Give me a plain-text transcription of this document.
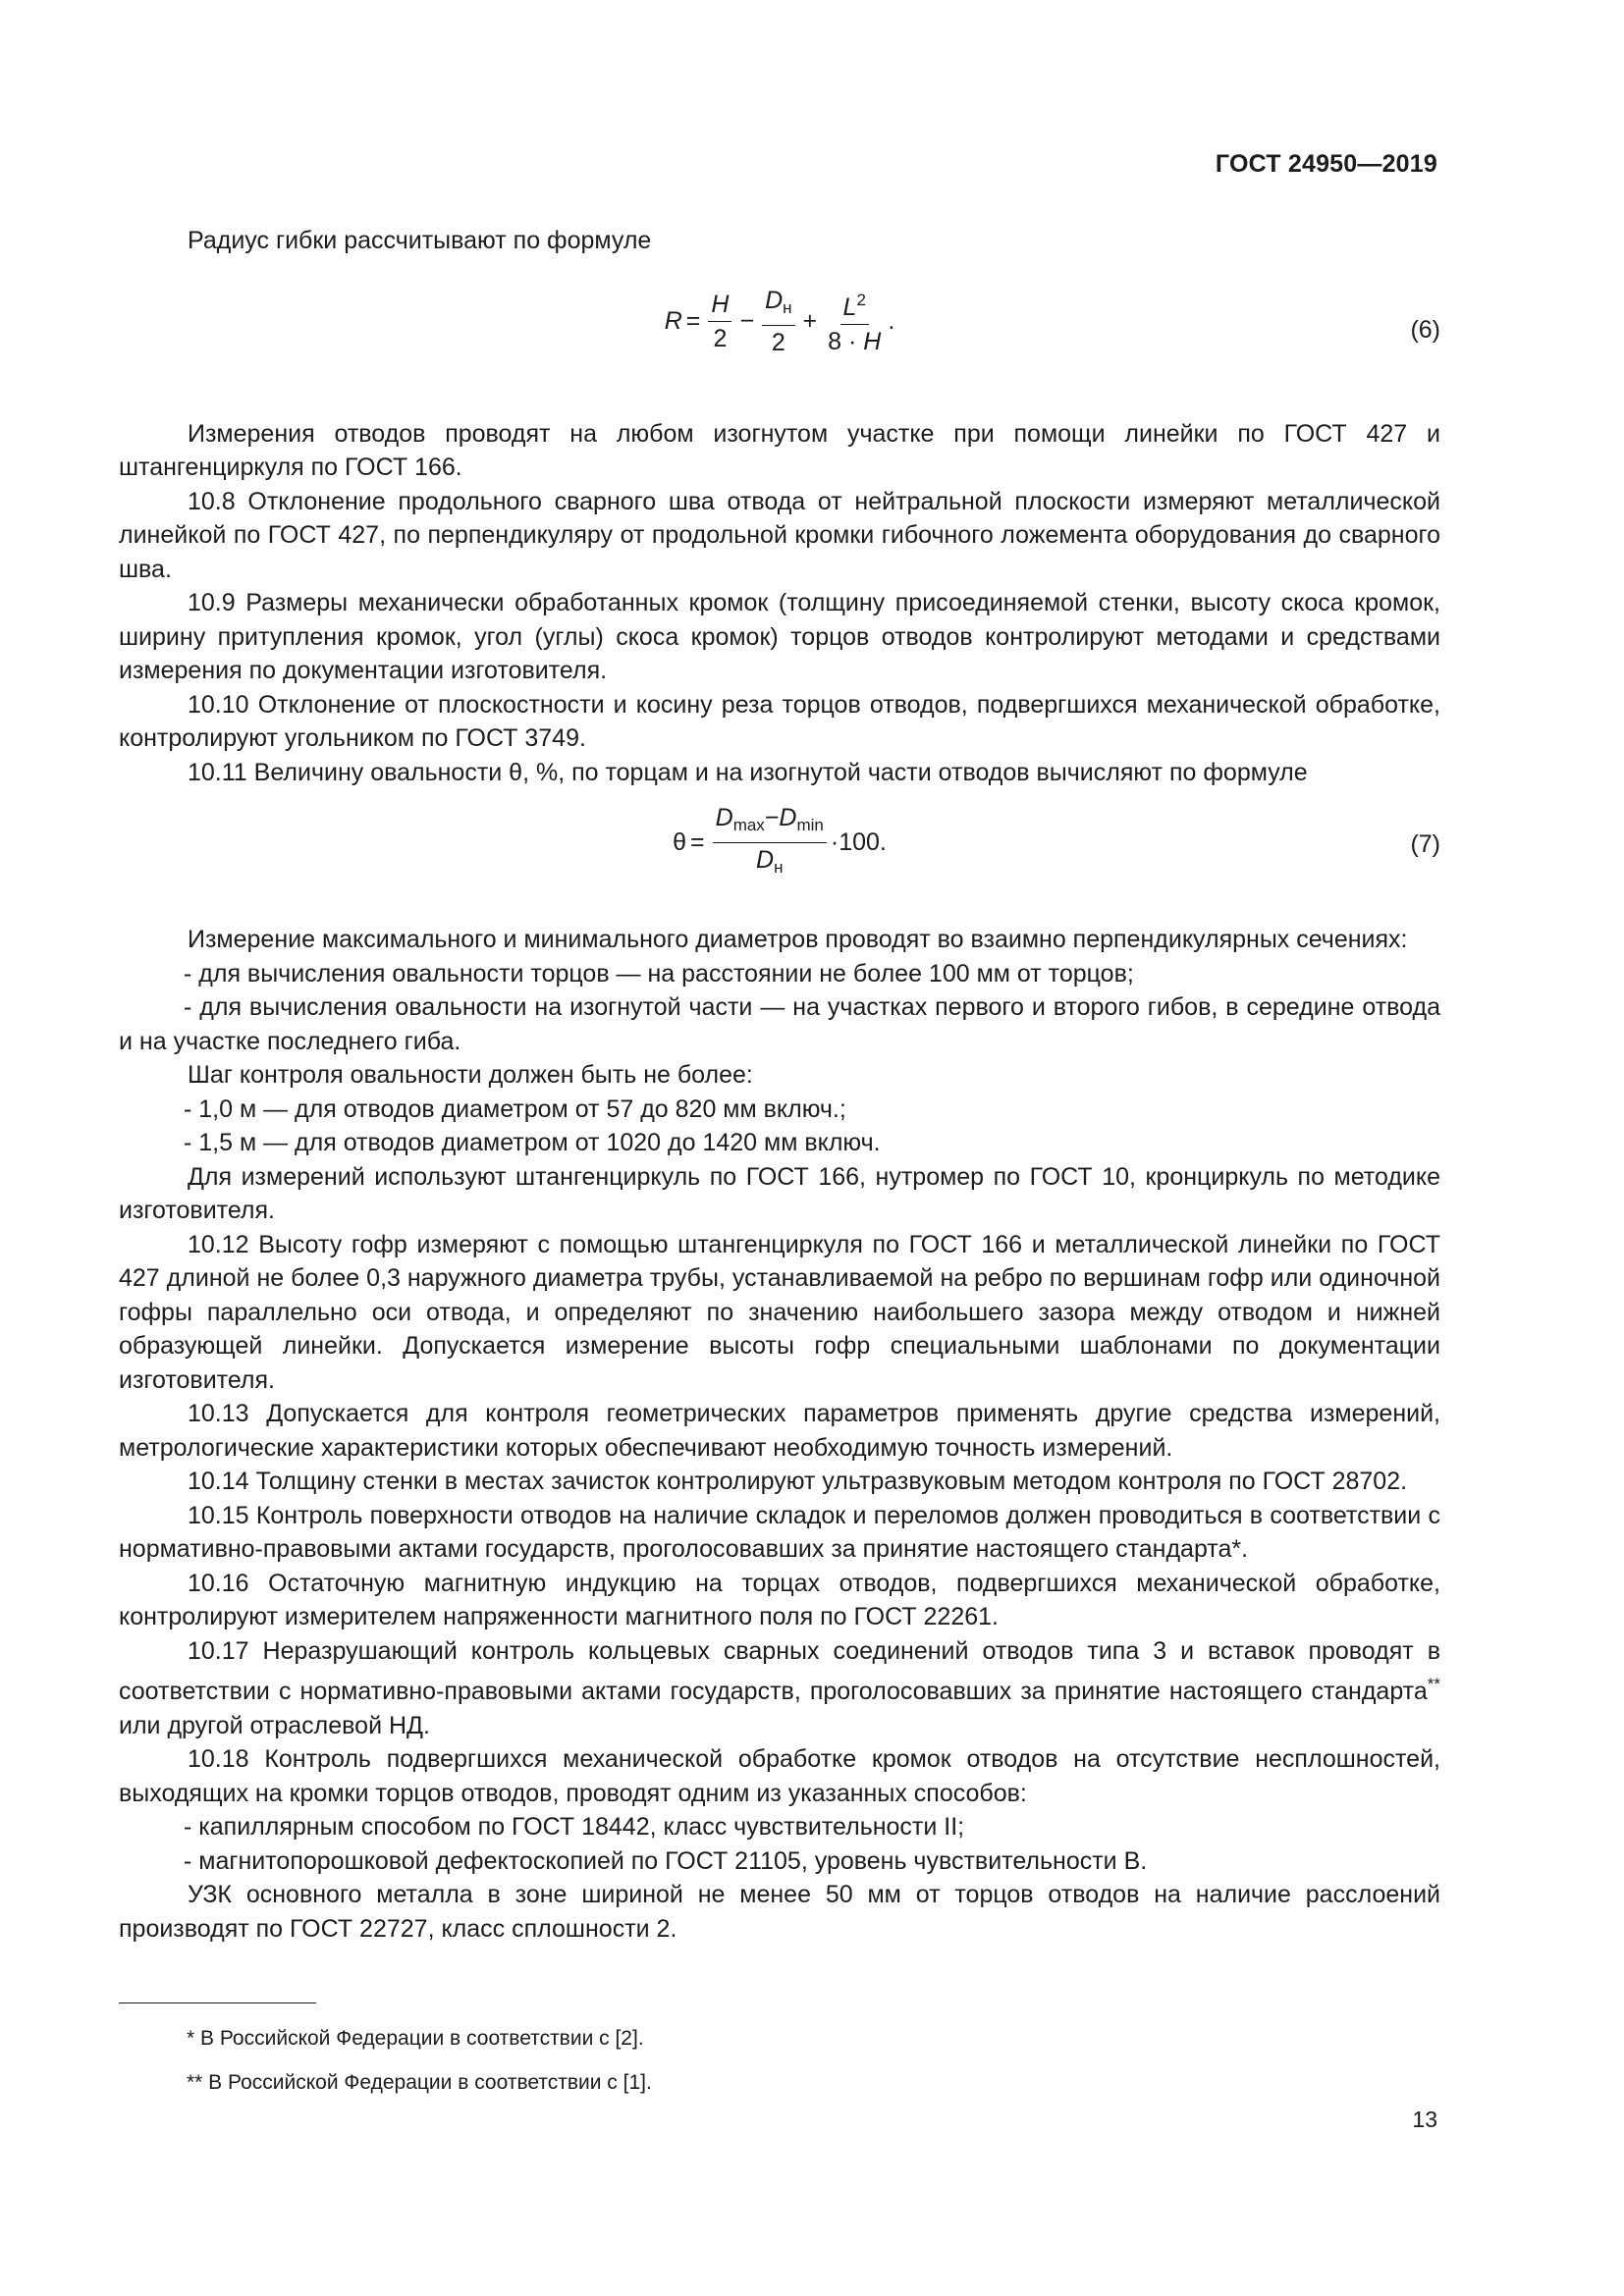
ГОСТ 24950—2019

Радиус гибки рассчитывают по формуле

$R = \frac{H}{2} - \frac{D_н}{2} + \frac{L^2}{8 \cdot H}$ .	(6)

Измерения отводов проводят на любом изогнутом участке при помощи линейки по ГОСТ 427 и штангенциркуля по ГОСТ 166.

10.8 Отклонение продольного сварного шва отвода от нейтральной плоскости измеряют металлической линейкой по ГОСТ 427, по перпендикуляру от продольной кромки гибочного ложемента оборудования до сварного шва.

10.9 Размеры механически обработанных кромок (толщину присоединяемой стенки, высоту скоса кромок, ширину притупления кромок, угол (углы) скоса кромок) торцов отводов контролируют методами и средствами измерения по документации изготовителя.

10.10 Отклонение от плоскостности и косину реза торцов отводов, подвергшихся механической обработке, контролируют угольником по ГОСТ 3749.

10.11 Величину овальности θ, %, по торцам и на изогнутой части отводов вычисляют по формуле

$\theta = \frac{D_{max}-D_{min}}{D_н} \cdot 100$.	(7)

Измерение максимального и минимального диаметров проводят во взаимно перпендикулярных сечениях:

- для вычисления овальности торцов — на расстоянии не более 100 мм от торцов;

- для вычисления овальности на изогнутой части — на участках первого и второго гибов, в середине отвода и на участке последнего гиба.

Шаг контроля овальности должен быть не более:

- 1,0 м — для отводов диаметром от 57 до 820 мм включ.;

- 1,5 м — для отводов диаметром от 1020 до 1420 мм включ.

Для измерений используют штангенциркуль по ГОСТ 166, нутромер по ГОСТ 10, кронциркуль по методике изготовителя.

10.12 Высоту гофр измеряют с помощью штангенциркуля по ГОСТ 166 и металлической линейки по ГОСТ 427 длиной не более 0,3 наружного диаметра трубы, устанавливаемой на ребро по вершинам гофр или одиночной гофры параллельно оси отвода, и определяют по значению наибольшего зазора между отводом и нижней образующей линейки. Допускается измерение высоты гофр специальными шаблонами по документации изготовителя.

10.13 Допускается для контроля геометрических параметров применять другие средства измерений, метрологические характеристики которых обеспечивают необходимую точность измерений.

10.14 Толщину стенки в местах зачисток контролируют ультразвуковым методом контроля по ГОСТ 28702.

10.15 Контроль поверхности отводов на наличие складок и переломов должен проводиться в соответствии с нормативно-правовыми актами государств, проголосовавших за принятие настоящего стандарта*.

10.16 Остаточную магнитную индукцию на торцах отводов, подвергшихся механической обработке, контролируют измерителем напряженности магнитного поля по ГОСТ 22261.

10.17 Неразрушающий контроль кольцевых сварных соединений отводов типа 3 и вставок проводят в соответствии с нормативно-правовыми актами государств, проголосовавших за принятие настоящего стандарта** или другой отраслевой НД.

10.18 Контроль подвергшихся механической обработке кромок отводов на отсутствие несплошностей, выходящих на кромки торцов отводов, проводят одним из указанных способов:

- капиллярным способом по ГОСТ 18442, класс чувствительности II;

- магнитопорошковой дефектоскопией по ГОСТ 21105, уровень чувствительности В.

УЗК основного металла в зоне шириной не менее 50 мм от торцов отводов на наличие расслоений производят по ГОСТ 22727, класс сплошности 2.

* В Российской Федерации в соответствии с [2].

** В Российской Федерации в соответствии с [1].

13
